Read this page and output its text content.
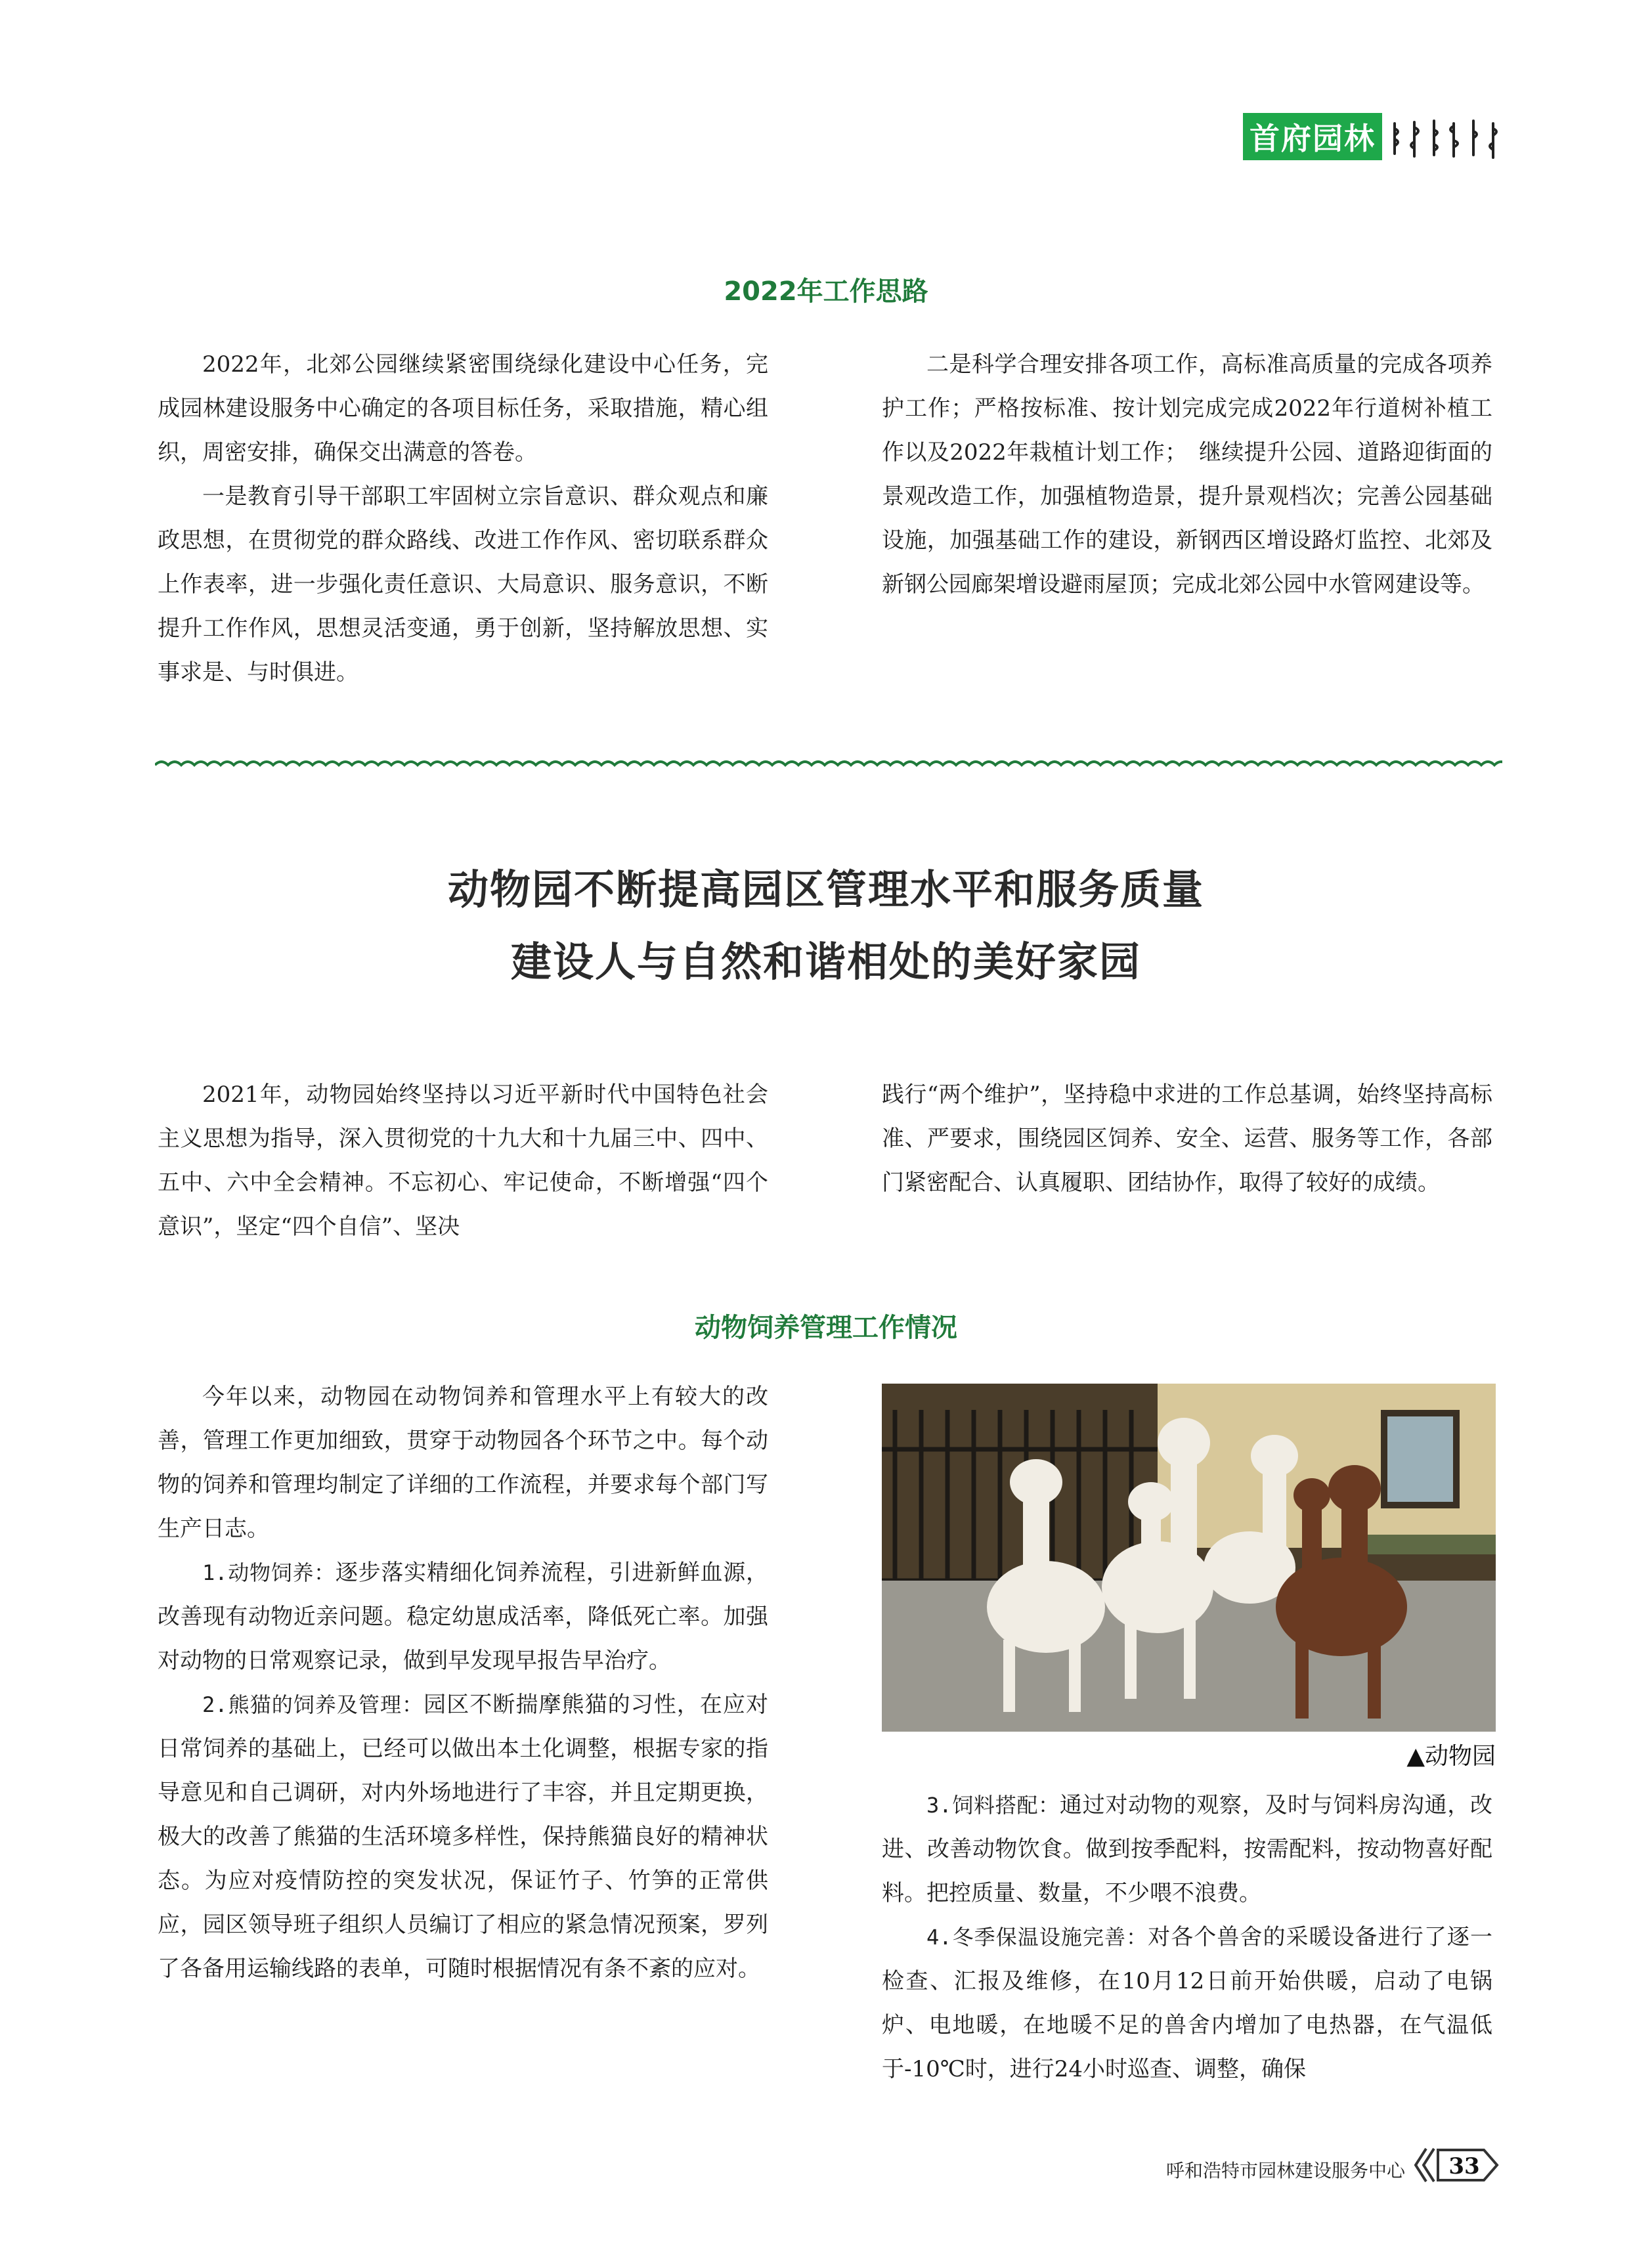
首府园林
2022年工作思路

2022年，北郊公园继续紧密围绕绿化建设中心任务，完成园林建设服务中心确定的各项目标任务，采取措施，精心组织，周密安排，确保交出满意的答卷。

一是教育引导干部职工牢固树立宗旨意识、群众观点和廉政思想，在贯彻党的群众路线、改进工作作风、密切联系群众上作表率，进一步强化责任意识、大局意识、服务意识，不断提升工作作风，思想灵活变通，勇于创新，坚持解放思想、实事求是、与时俱进。

二是科学合理安排各项工作，高标准高质量的完成各项养护工作；严格按标准、按计划完成完成2022年行道树补植工作以及2022年栽植计划工作；　继续提升公园、道路迎街面的景观改造工作，加强植物造景，提升景观档次；完善公园基础设施，加强基础工作的建设，新钢西区增设路灯监控、北郊及新钢公园廊架增设避雨屋顶；完成北郊公园中水管网建设等。

动物园不断提高园区管理水平和服务质量
建设人与自然和谐相处的美好家园

2021年，动物园始终坚持以习近平新时代中国特色社会主义思想为指导，深入贯彻党的十九大和十九届三中、四中、五中、六中全会精神。不忘初心、牢记使命，不断增强“四个意识”，坚定“四个自信”、坚决

践行“两个维护”，坚持稳中求进的工作总基调，始终坚持高标准、严要求，围绕园区饲养、安全、运营、服务等工作，各部门紧密配合、认真履职、团结协作，取得了较好的成绩。

动物饲养管理工作情况

今年以来，动物园在动物饲养和管理水平上有较大的改善，管理工作更加细致，贯穿于动物园各个环节之中。每个动物的饲养和管理均制定了详细的工作流程，并要求每个部门写生产日志。

1.动物饲养：逐步落实精细化饲养流程，引进新鲜血源，改善现有动物近亲问题。稳定幼崽成活率，降低死亡率。加强对动物的日常观察记录，做到早发现早报告早治疗。

2.熊猫的饲养及管理：园区不断揣摩熊猫的习性，在应对日常饲养的基础上，已经可以做出本土化调整，根据专家的指导意见和自己调研，对内外场地进行了丰容，并且定期更换，极大的改善了熊猫的生活环境多样性，保持熊猫良好的精神状态。为应对疫情防控的突发状况，保证竹子、竹笋的正常供应，园区领导班子组织人员编订了相应的紧急情况预案，罗列了各备用运输线路的表单，可随时根据情况有条不紊的应对。

▲动物园

3.饲料搭配：通过对动物的观察，及时与饲料房沟通，改进、改善动物饮食。做到按季配料，按需配料，按动物喜好配料。把控质量、数量，不少喂不浪费。

4.冬季保温设施完善：对各个兽舍的采暖设备进行了逐一检查、汇报及维修，在10月12日前开始供暖，启动了电锅炉、电地暖，在地暖不足的兽舍内增加了电热器，在气温低于-10℃时，进行24小时巡查、调整，确保

呼和浩特市园林建设服务中心 33
